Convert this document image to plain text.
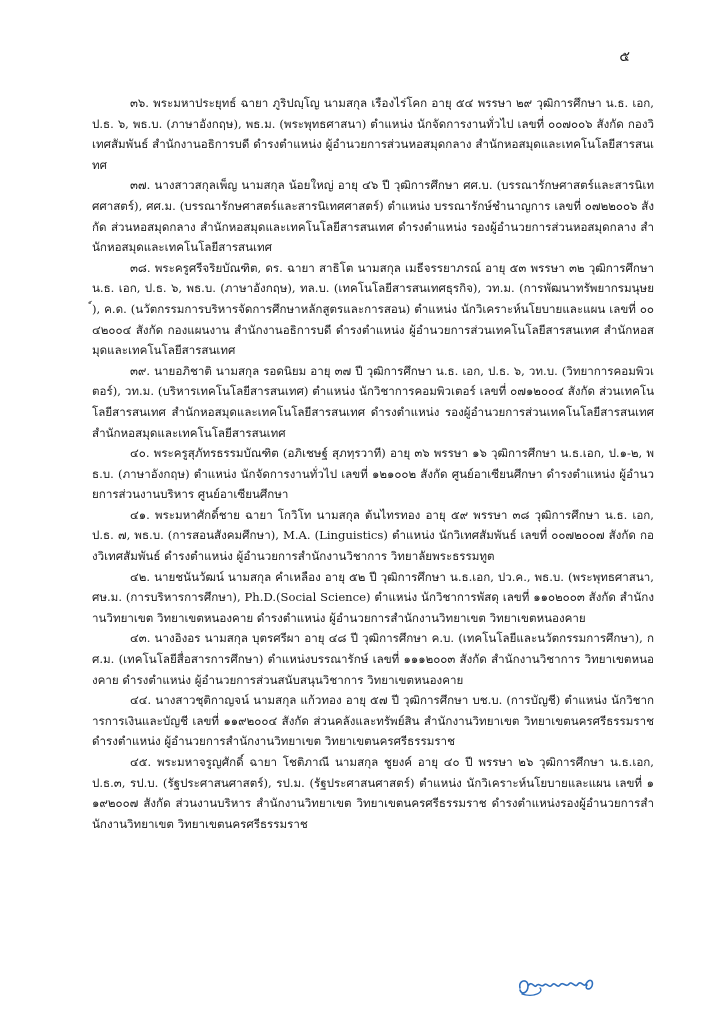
๕

๓๖. พระมหาประยุทธ์ ฉายา ภูริปญฺโญ นามสกุล เรืองไร่โคก อายุ ๕๔ พรรษา ๒๙ วุฒิการศึกษา น.ธ. เอก, ป.ธ. ๖, พธ.บ. (ภาษาอังกฤษ), พธ.ม. (พระพุทธศาสนา) ตำแหน่ง นักจัดการงานทั่วไป เลขที่ ๐๐๗๐๐๖ สังกัด กองวิเทศสัมพันธ์ สำนักงานอธิการบดี ดำรงตำแหน่ง ผู้อำนวยการส่วนหอสมุดกลาง สำนักหอสมุดและเทคโนโลยีสารสนเทศ

๓๗. นางสาวสกุลเพ็ญ นามสกุล น้อยใหญ่ อายุ ๔๖ ปี วุฒิการศึกษา ศศ.บ. (บรรณารักษศาสตร์และสารนิเทศศาสตร์), ศศ.ม. (บรรณารักษศาสตร์และสารนิเทศศาสตร์) ตำแหน่ง บรรณารักษ์ชำนาญการ เลขที่ ๐๗๒๒๐๐๖ สังกัด ส่วนหอสมุดกลาง สำนักหอสมุดและเทคโนโลยีสารสนเทศ ดำรงตำแหน่ง รองผู้อำนวยการส่วนหอสมุดกลาง สำนักหอสมุดและเทคโนโลยีสารสนเทศ

๓๘. พระครูศรีจริยบัณฑิต, ดร. ฉายา สาธิโต นามสกุล เมธีจรรยาภรณ์ อายุ ๕๓ พรรษา ๓๒ วุฒิการศึกษา น.ธ. เอก, ป.ธ. ๖, พธ.บ. (ภาษาอังกฤษ), ทล.บ. (เทคโนโลยีสารสนเทศธุรกิจ), วท.ม. (การพัฒนาทรัพยากรมนุษย์), ค.ด. (นวัตกรรมการบริหารจัดการศึกษาหลักสูตรและการสอน) ตำแหน่ง นักวิเคราะห์นโยบายและแผน เลขที่ ๐๐๔๒๐๐๔ สังกัด กองแผนงาน สำนักงานอธิการบดี ดำรงตำแหน่ง ผู้อำนวยการส่วนเทคโนโลยีสารสนเทศ สำนักหอสมุดและเทคโนโลยีสารสนเทศ

๓๙. นายอภิชาติ นามสกุล รอดนิยม อายุ ๓๗ ปี วุฒิการศึกษา น.ธ. เอก, ป.ธ. ๖, วท.บ. (วิทยาการคอมพิวเตอร์), วท.ม. (บริหารเทคโนโลยีสารสนเทศ) ตำแหน่ง นักวิชาการคอมพิวเตอร์ เลขที่ ๐๗๑๒๐๐๔ สังกัด ส่วนเทคโนโลยีสารสนเทศ สำนักหอสมุดและเทคโนโลยีสารสนเทศ ดำรงตำแหน่ง รองผู้อำนวยการส่วนเทคโนโลยีสารสนเทศ สำนักหอสมุดและเทคโนโลยีสารสนเทศ

๔๐. พระครูสุภัทรธรรมบัณฑิต (อภิเชษฐ์ สุภทฺรวาที) อายุ ๓๖ พรรษา ๑๖ วุฒิการศึกษา น.ธ.เอก, ป.๑-๒, พธ.บ. (ภาษาอังกฤษ) ตำแหน่ง นักจัดการงานทั่วไป เลขที่ ๑๒๑๐๐๒ สังกัด ศูนย์อาเซียนศึกษา ดำรงตำแหน่ง ผู้อำนวยการส่วนงานบริหาร ศูนย์อาเซียนศึกษา

๔๑. พระมหาศักดิ์ชาย ฉายา โกวิโท นามสกุล ต้นไทรทอง อายุ ๕๙ พรรษา ๓๘ วุฒิการศึกษา น.ธ. เอก, ป.ธ. ๗, พธ.บ. (การสอนสังคมศึกษา), M.A. (Linguistics) ตำแหน่ง นักวิเทศสัมพันธ์ เลขที่ ๐๐๗๒๐๐๗ สังกัด กองวิเทศสัมพันธ์ ดำรงตำแหน่ง ผู้อำนวยการสำนักงานวิชาการ วิทยาลัยพระธรรมทูต

๔๒. นายชนันวัฒน์ นามสกุล คำเหลือง อายุ ๕๒ ปี วุฒิการศึกษา น.ธ.เอก, ปว.ค., พธ.บ. (พระพุทธศาสนา, ศษ.ม. (การบริหารการศึกษา), Ph.D.(Social Science) ตำแหน่ง นักวิชาการพัสดุ เลขที่ ๑๑๐๒๐๐๓ สังกัด สำนักงานวิทยาเขต วิทยาเขตหนองคาย ดำรงตำแหน่ง ผู้อำนวยการสำนักงานวิทยาเขต วิทยาเขตหนองคาย

๔๓. นางอิงอร นามสกุล บุตรศรีผา อายุ ๔๘ ปี วุฒิการศึกษา ค.บ. (เทคโนโลยีและนวัตกรรมการศึกษา), กศ.ม. (เทคโนโลยีสื่อสารการศึกษา) ตำแหน่งบรรณารักษ์ เลขที่ ๑๑๑๒๐๐๓ สังกัด สำนักงานวิชาการ วิทยาเขตหนองคาย ดำรงตำแหน่ง ผู้อำนวยการส่วนสนับสนุนวิชาการ วิทยาเขตหนองคาย

๔๔. นางสาวชุติกาญจน์ นามสกุล แก้วทอง อายุ ๕๗ ปี วุฒิการศึกษา บช.บ. (การบัญชี) ตำแหน่ง นักวิชาการการเงินและบัญชี เลขที่ ๑๑๙๒๐๐๔ สังกัด ส่วนคลังและทรัพย์สิน สำนักงานวิทยาเขต วิทยาเขตนครศรีธรรมราช ดำรงตำแหน่ง ผู้อำนวยการสำนักงานวิทยาเขต วิทยาเขตนครศรีธรรมราช

๔๕. พระมหาจรูญศักดิ์ ฉายา โชติภาณี นามสกุล ชูยงค์ อายุ ๔๐ ปี พรรษา ๒๖ วุฒิการศึกษา น.ธ.เอก, ป.ธ.๓, รป.บ. (รัฐประศาสนศาสตร์), รป.ม. (รัฐประศาสนศาสตร์) ตำแหน่ง นักวิเคราะห์นโยบายและแผน เลขที่ ๑๑๙๒๐๐๗ สังกัด ส่วนงานบริหาร สำนักงานวิทยาเขต วิทยาเขตนครศรีธรรมราช ดำรงตำแหน่งรองผู้อำนวยการสำนักงานวิทยาเขต วิทยาเขตนครศรีธรรมราช
